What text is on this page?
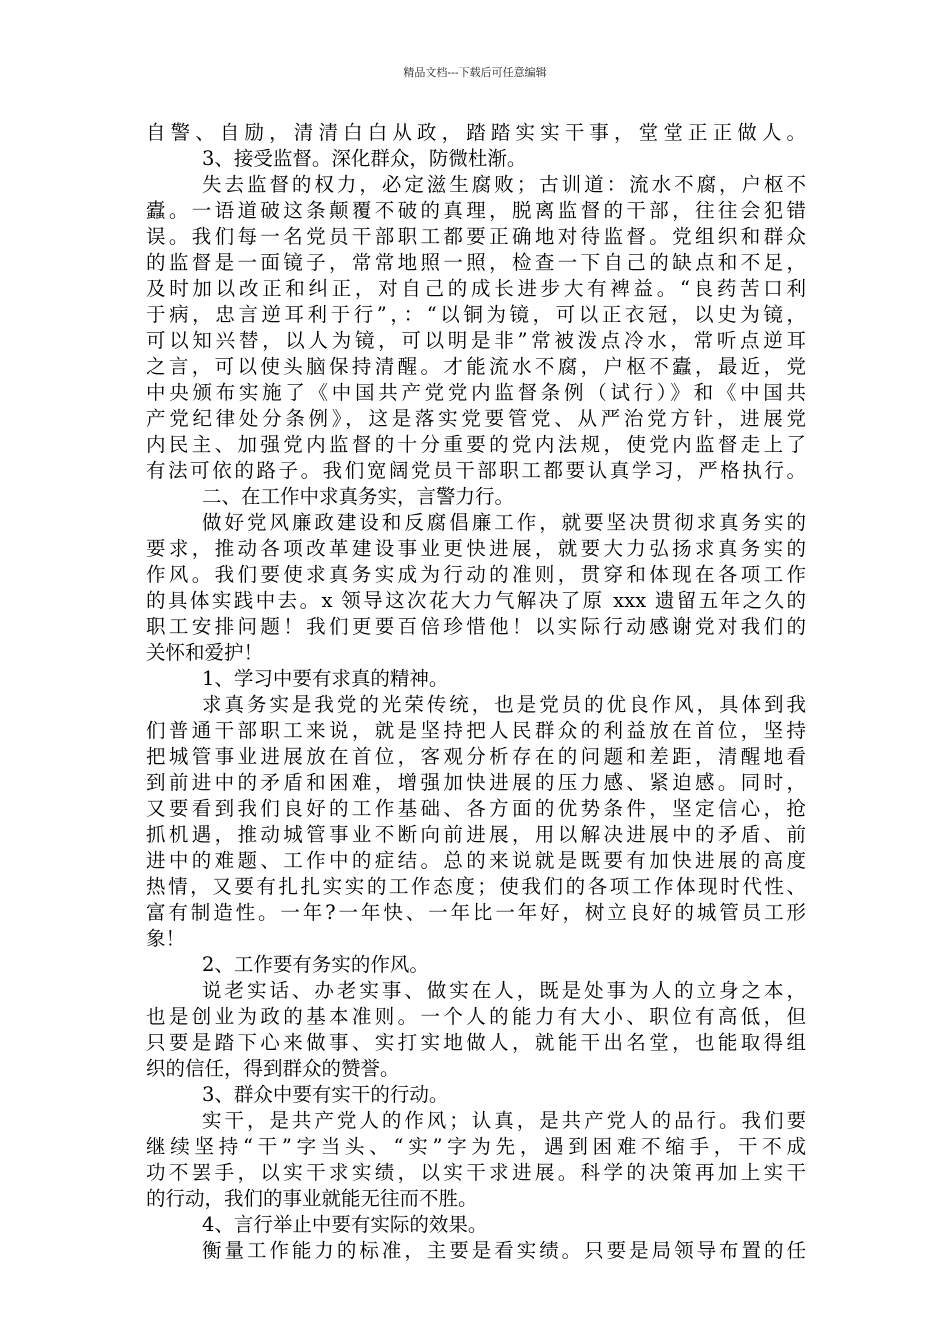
精品文档---下载后可任意编辑
自警、自励，清清白白从政，踏踏实实干事，堂堂正正做人。
3、接受监督。深化群众，防微杜渐。
失去监督的权力，必定滋生腐败；古训道：流水不腐，户枢不
蠹。一语道破这条颠覆不破的真理，脱离监督的干部，往往会犯错
误。我们每一名党员干部职工都要正确地对待监督。党组织和群众
的监督是一面镜子，常常地照一照，检查一下自己的缺点和不足，
及时加以改正和纠正，对自己的成长进步大有裨益。“良药苦口利
于病，忠言逆耳利于行”，：“以铜为镜，可以正衣冠，以史为镜，
可以知兴替，以人为镜，可以明是非”常被泼点冷水，常听点逆耳
之言，可以使头脑保持清醒。才能流水不腐，户枢不蠹，最近，党
中央颁布实施了《中国共产党党内监督条例（试行）》和《中国共
产党纪律处分条例》，这是落实党要管党、从严治党方针，进展党
内民主、加强党内监督的十分重要的党内法规，使党内监督走上了
有法可依的路子。我们宽阔党员干部职工都要认真学习，严格执行。
二、在工作中求真务实，言警力行。
做好党风廉政建设和反腐倡廉工作，就要坚决贯彻求真务实的
要求，推动各项改革建设事业更快进展，就要大力弘扬求真务实的
作风。我们要使求真务实成为行动的准则，贯穿和体现在各项工作
的具体实践中去。x 领导这次花大力气解决了原 xxx 遗留五年之久的
职工安排问题！我们更要百倍珍惜他！以实际行动感谢党对我们的
关怀和爱护！
1、学习中要有求真的精神。
求真务实是我党的光荣传统，也是党员的优良作风，具体到我
们普通干部职工来说，就是坚持把人民群众的利益放在首位，坚持
把城管事业进展放在首位，客观分析存在的问题和差距，清醒地看
到前进中的矛盾和困难，增强加快进展的压力感、紧迫感。同时，
又要看到我们良好的工作基础、各方面的优势条件，坚定信心，抢
抓机遇，推动城管事业不断向前进展，用以解决进展中的矛盾、前
进中的难题、工作中的症结。总的来说就是既要有加快进展的高度
热情，又要有扎扎实实的工作态度；使我们的各项工作体现时代性、
富有制造性。一年?一年快、一年比一年好，树立良好的城管员工形
象！
2、工作要有务实的作风。
说老实话、办老实事、做实在人，既是处事为人的立身之本，
也是创业为政的基本准则。一个人的能力有大小、职位有高低，但
只要是踏下心来做事、实打实地做人，就能干出名堂，也能取得组
织的信任，得到群众的赞誉。
3、群众中要有实干的行动。
实干，是共产党人的作风；认真，是共产党人的品行。我们要
继续坚持“干”字当头、“实”字为先，遇到困难不缩手，干不成
功不罢手，以实干求实绩，以实干求进展。科学的决策再加上实干
的行动，我们的事业就能无往而不胜。
4、言行举止中要有实际的效果。
衡量工作能力的标准，主要是看实绩。只要是局领导布置的任
